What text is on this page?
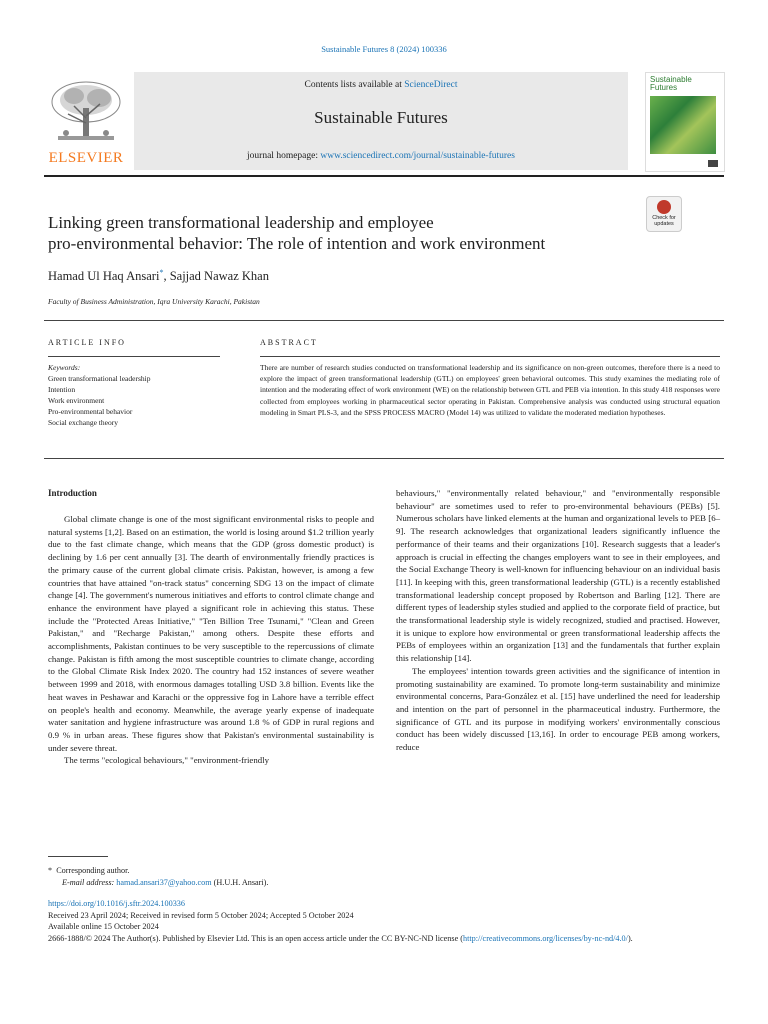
Sustainable Futures 8 (2024) 100336
ELSEVIER
Contents lists available at ScienceDirect
Sustainable Futures
journal homepage: www.sciencedirect.com/journal/sustainable-futures
Sustainable
Futures
Linking green transformational leadership and employee
pro-environmental behavior: The role of intention and work environment
Check for updates
Hamad Ul Haq Ansari*, Sajjad Nawaz Khan
Faculty of Business Administration, Iqra University Karachi, Pakistan
ARTICLE INFO	ABSTRACT
Keywords:
Green transformational leadership
Intention
Work environment
Pro-environmental behavior
Social exchange theory
There are number of research studies conducted on transformational leadership and its significance on non-green outcomes, therefore there is a need to explore the impact of green transformational leadership (GTL) on employees' green behavioral outcomes. This study examines the mediating role of intention and the moderating effect of work environment (WE) on the relationship between GTL and PEB via intention. In this study 418 responses were collected from employees working in pharmaceutical sector operating in Pakistan. Comprehensive analysis was conducted using structural equation modeling in Smart PLS-3, and the SPSS PROCESS MACRO (Model 14) was utilized to validate the moderated mediation hypotheses.
Introduction

Global climate change is one of the most significant environmental risks to people and natural systems [1,2]. Based on an estimation, the world is losing around $1.2 trillion yearly due to the fast climate change, which means that the GDP (gross domestic product) is declining by 1.6 per cent annually [3]. The dearth of environmentally friendly practices is the primary cause of the current global climate crisis. Pakistan, however, is among a few countries that have attained "on-track status" concerning SDG 13 on the impact of climate change [4]. The government's numerous initiatives and efforts to control climate change and enhance the environment have played a significant role in achieving this status. These include the "Protected Areas Initiative," "Ten Billion Tree Tsunami," "Clean and Green Pakistan," and "Recharge Pakistan," among others. Despite these efforts and accomplishments, Pakistan continues to be very susceptible to the repercussions of climate change. Pakistan is fifth among the most susceptible countries to climate change, according to the Global Climate Risk Index 2020. The country had 152 instances of severe weather between 1999 and 2018, with enormous damages totalling USD 3.8 billion. Events like the heat waves in Peshawar and Karachi or the oppressive fog in Lahore have a terrible effect on people's health and economy. Meanwhile, the average yearly expense of inadequate water sanitation and hygiene infrastructure was around 1.8 % of GDP in rural regions and 0.9 % in urban areas. These figures show that Pakistan's environmental sustainability is under severe threat.

The terms "ecological behaviours," "environment-friendly

behaviours," "environmentally related behaviour," and "environmentally responsible behaviour" are sometimes used to refer to pro-environmental behaviours (PEBs) [5]. Numerous scholars have linked elements at the human and organizational levels to PEB [6–9]. The research acknowledges that organizational leaders significantly influence the performance of their teams and their organizations [10]. Research suggests that a leader's approach is crucial in effecting the changes employers want to see in their employees, and the Social Exchange Theory is well-known for influencing behaviour on an individual basis [11]. In keeping with this, green transformational leadership (GTL) is a recently established transformational leadership concept proposed by Robertson and Barling [12]. There are different types of leadership styles studied and applied to the corporate field of practice, but the transformational leadership style is widely recognized, studied and practised. However, it is unique to explore how environmental or green transformational leadership affects the PEBs of employees within an organization [13] and the fundamentals that further explain this relationship [14].

The employees' intention towards green activities and the significance of intention in promoting sustainability are examined. To promote long-term sustainability and minimize environmental concerns, Para-González et al. [15] have underlined the need for leadership and intention on the part of personnel in the pharmaceutical industry. Furthermore, the significance of GTL and its purpose in modifying workers' environmentally conscious conduct has been widely discussed [13,16]. In order to encourage PEB among workers, reduce

* Corresponding author.
E-mail address: hamad.ansari37@yahoo.com (H.U.H. Ansari).
https://doi.org/10.1016/j.sftr.2024.100336
Received 23 April 2024; Received in revised form 5 October 2024; Accepted 5 October 2024
Available online 15 October 2024
2666-1888/© 2024 The Author(s). Published by Elsevier Ltd. This is an open access article under the CC BY-NC-ND license (http://creativecommons.org/licenses/by-nc-nd/4.0/).
